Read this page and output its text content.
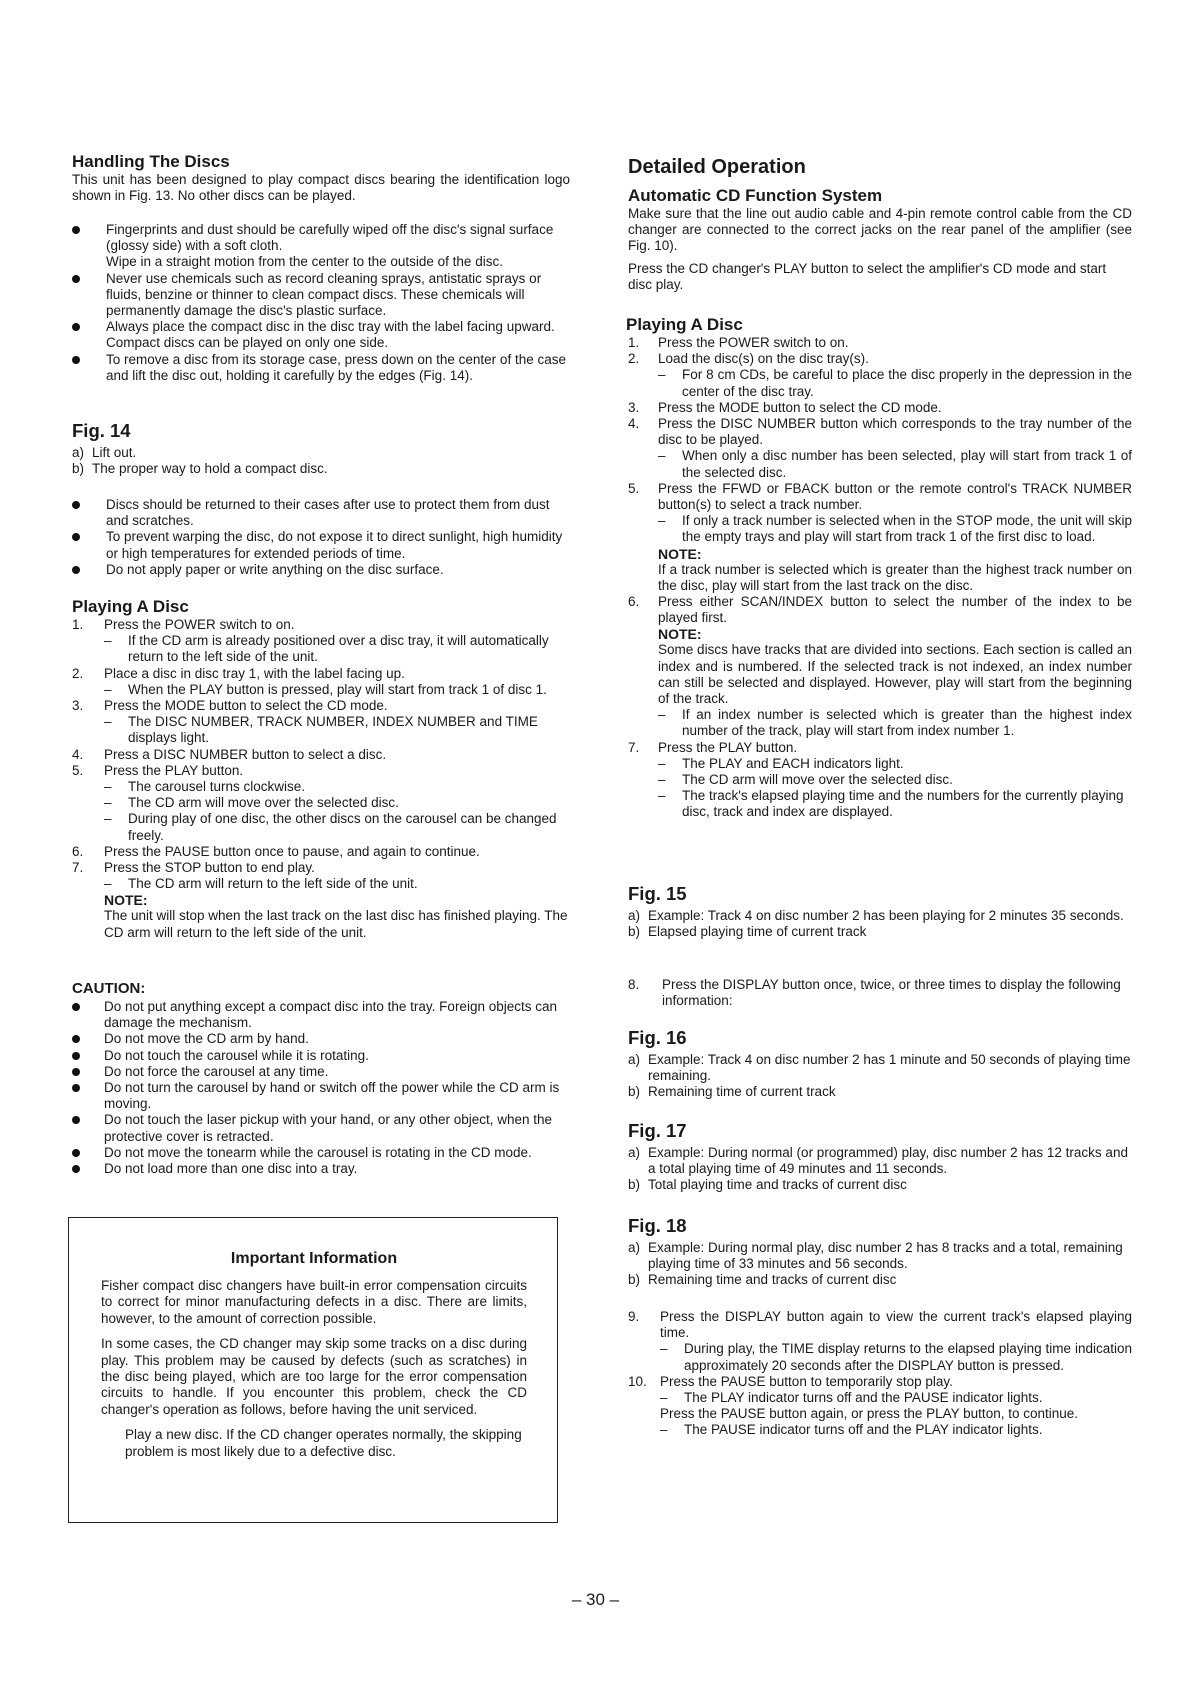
Handling The Discs

This unit has been designed to play compact discs bearing the identification logo shown in Fig. 13. No other discs can be played.

Fingerprints and dust should be carefully wiped off the disc's signal surface (glossy side) with a soft cloth.
Wipe in a straight motion from the center to the outside of the disc.
Never use chemicals such as record cleaning sprays, antistatic sprays or fluids, benzine or thinner to clean compact discs. These chemicals will permanently damage the disc's plastic surface.
Always place the compact disc in the disc tray with the label facing upward. Compact discs can be played on only one side.
To remove a disc from its storage case, press down on the center of the case and lift the disc out, holding it carefully by the edges (Fig. 14).
Fig. 14
a) Lift out.
b) The proper way to hold a compact disc.
Discs should be returned to their cases after use to protect them from dust and scratches.
To prevent warping the disc, do not expose it to direct sunlight, high humidity or high temperatures for extended periods of time.
Do not apply paper or write anything on the disc surface.
Playing A Disc
1. Press the POWER switch to on.
– If the CD arm is already positioned over a disc tray, it will automatically return to the left side of the unit.
2. Place a disc in disc tray 1, with the label facing up.
– When the PLAY button is pressed, play will start from track 1 of disc 1.
3. Press the MODE button to select the CD mode.
– The DISC NUMBER, TRACK NUMBER, INDEX NUMBER and TIME displays light.
4. Press a DISC NUMBER button to select a disc.
5. Press the PLAY button.
– The carousel turns clockwise.
– The CD arm will move over the selected disc.
– During play of one disc, the other discs on the carousel can be changed freely.
6. Press the PAUSE button once to pause, and again to continue.
7. Press the STOP button to end play.
– The CD arm will return to the left side of the unit.
NOTE:
The unit will stop when the last track on the last disc has finished playing. The CD arm will return to the left side of the unit.
CAUTION:
Do not put anything except a compact disc into the tray. Foreign objects can damage the mechanism.
Do not move the CD arm by hand.
Do not touch the carousel while it is rotating.
Do not force the carousel at any time.
Do not turn the carousel by hand or switch off the power while the CD arm is moving.
Do not touch the laser pickup with your hand, or any other object, when the protective cover is retracted.
Do not move the tonearm while the carousel is rotating in the CD mode.
Do not load more than one disc into a tray.
Important Information

Fisher compact disc changers have built-in error compensation circuits to correct for minor manufacturing defects in a disc. There are limits, however, to the amount of correction possible.

In some cases, the CD changer may skip some tracks on a disc during play. This problem may be caused by defects (such as scratches) in the disc being played, which are too large for the error compensation circuits to handle. If you encounter this problem, check the CD changer's operation as follows, before having the unit serviced.

Play a new disc. If the CD changer operates normally, the skipping problem is most likely due to a defective disc.

Detailed Operation
Automatic CD Function System

Make sure that the line out audio cable and 4-pin remote control cable from the CD changer are connected to the correct jacks on the rear panel of the amplifier (see Fig. 10).

Press the CD changer's PLAY button to select the amplifier's CD mode and start disc play.

Playing A Disc
1. Press the POWER switch to on.
2. Load the disc(s) on the disc tray(s).
– For 8 cm CDs, be careful to place the disc properly in the depression in the center of the disc tray.
3. Press the MODE button to select the CD mode.
4. Press the DISC NUMBER button which corresponds to the tray number of the disc to be played.
– When only a disc number has been selected, play will start from track 1 of the selected disc.
5. Press the FFWD or FBACK button or the remote control's TRACK NUMBER button(s) to select a track number.
– If only a track number is selected when in the STOP mode, the unit will skip the empty trays and play will start from track 1 of the first disc to load.
NOTE:
If a track number is selected which is greater than the highest track number on the disc, play will start from the last track on the disc.
6. Press either SCAN/INDEX button to select the number of the index to be played first.
NOTE:
Some discs have tracks that are divided into sections. Each section is called an index and is numbered. If the selected track is not indexed, an index number can still be selected and displayed. However, play will start from the beginning of the track.
– If an index number is selected which is greater than the highest index number of the track, play will start from index number 1.
7. Press the PLAY button.
– The PLAY and EACH indicators light.
– The CD arm will move over the selected disc.
– The track's elapsed playing time and the numbers for the currently playing disc, track and index are displayed.
Fig. 15
a) Example: Track 4 on disc number 2 has been playing for 2 minutes 35 seconds.
b) Elapsed playing time of current track
8. Press the DISPLAY button once, twice, or three times to display the following information:
Fig. 16
a) Example: Track 4 on disc number 2 has 1 minute and 50 seconds of playing time remaining.
b) Remaining time of current track
Fig. 17
a) Example: During normal (or programmed) play, disc number 2 has 12 tracks and a total playing time of 49 minutes and 11 seconds.
b) Total playing time and tracks of current disc
Fig. 18
a) Example: During normal play, disc number 2 has 8 tracks and a total, remaining playing time of 33 minutes and 56 seconds.
b) Remaining time and tracks of current disc
9. Press the DISPLAY button again to view the current track's elapsed playing time.
– During play, the TIME display returns to the elapsed playing time indication approximately 20 seconds after the DISPLAY button is pressed.
10. Press the PAUSE button to temporarily stop play.
– The PLAY indicator turns off and the PAUSE indicator lights.
Press the PAUSE button again, or press the PLAY button, to continue.
– The PAUSE indicator turns off and the PLAY indicator lights.
– 30 –
